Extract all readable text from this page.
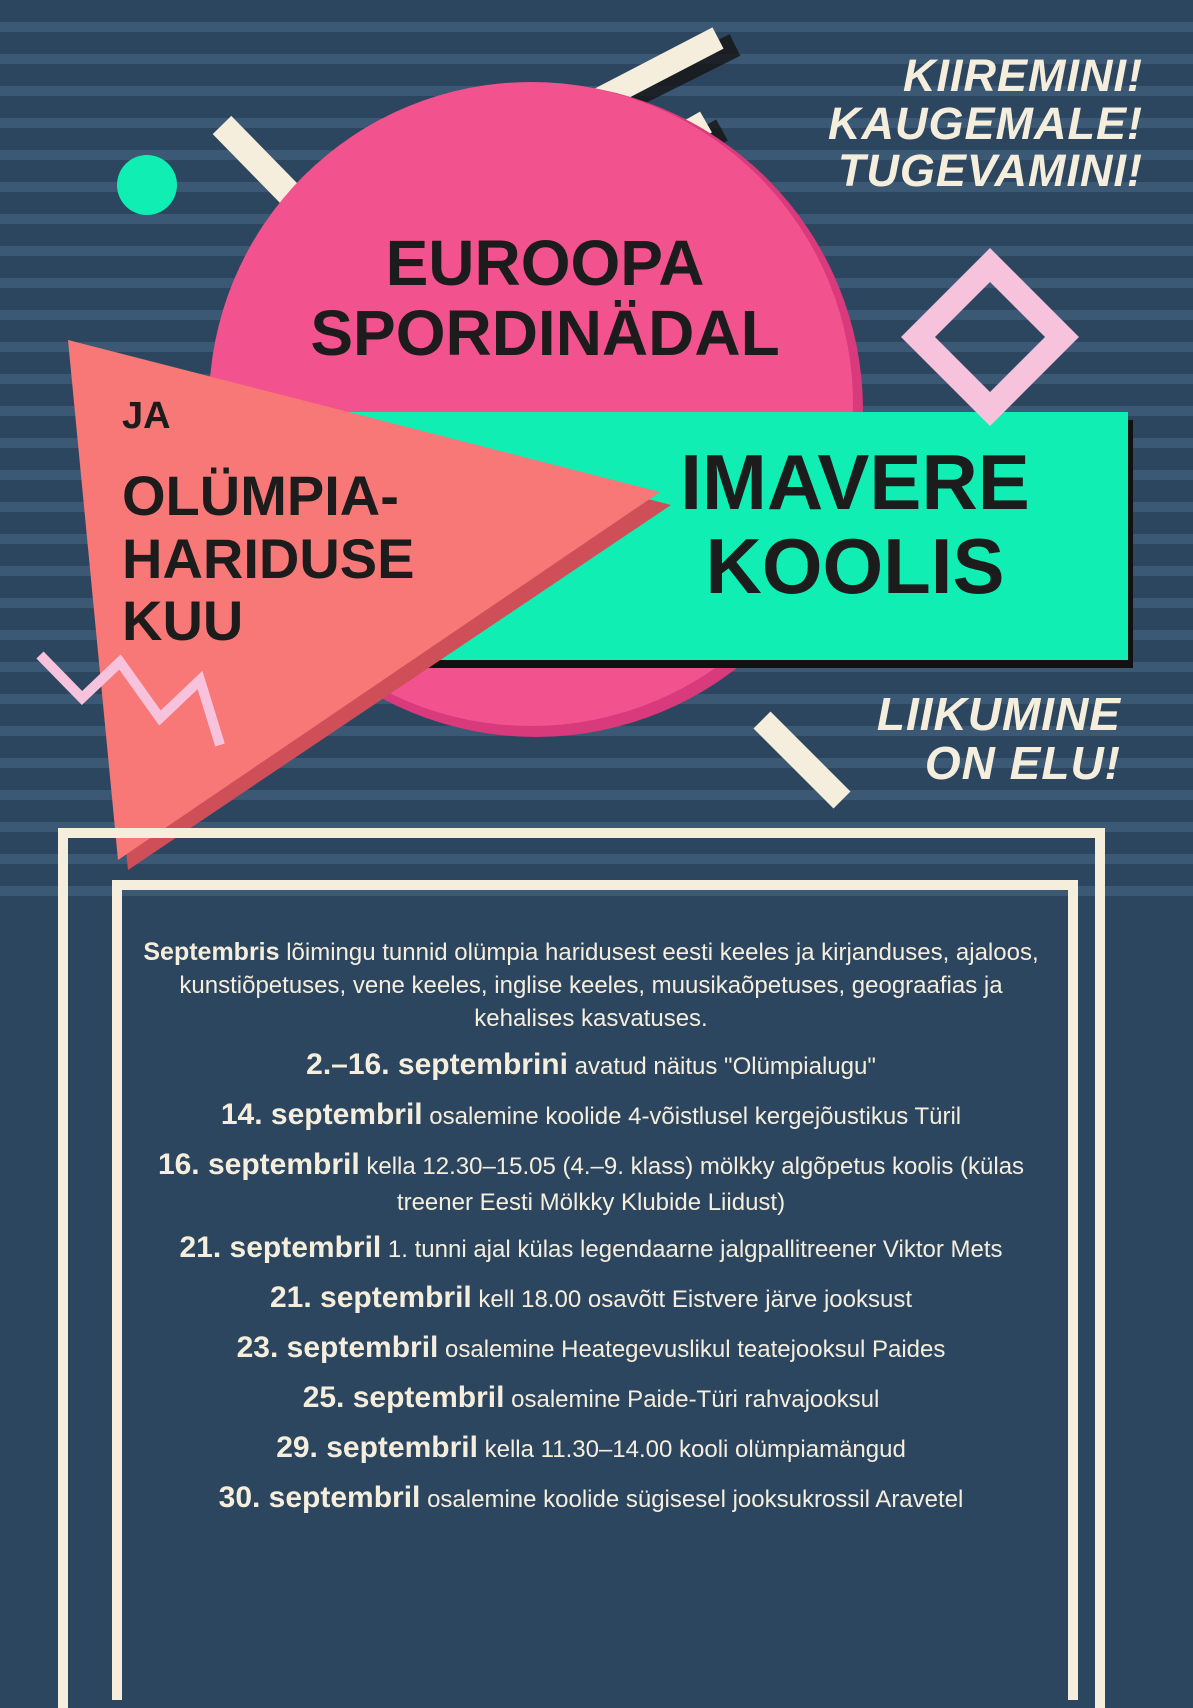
KIIREMINI!
KAUGEMALE!
TUGEVAMINI!
EUROOPA
SPORDINÄDAL

JA

OLÜMPIA-
HARIDUSE
KUU

IMAVERE
KOOLIS

LIIKUMINE
ON ELU!

Septembris lõimingu tunnid olümpia haridusest eesti keeles ja kirjanduses, ajaloos, kunstiõpetuses, vene keeles, inglise keeles, muusikaõpetuses, geograafias ja kehalises kasvatuses.

2.–16. septembrini avatud näitus "Olümpialugu"

14. septembril osalemine koolide 4-võistlusel kergejõustikus Türil

16. septembril kella 12.30–15.05 (4.–9. klass) mölkky algõpetus koolis (külas treener Eesti Mölkky Klubide Liidust)

21. septembril 1. tunni ajal külas legendaarne jalgpallitreener Viktor Mets

21. septembril kell 18.00 osavõtt Eistvere järve jooksust

23. septembril osalemine Heategevuslikul teatejooksul Paides

25. septembril osalemine Paide-Türi rahvajooksul

29. septembril kella 11.30–14.00 kooli olümpiamängud

30. septembril osalemine koolide sügisesel jooksukrossil Aravetel
